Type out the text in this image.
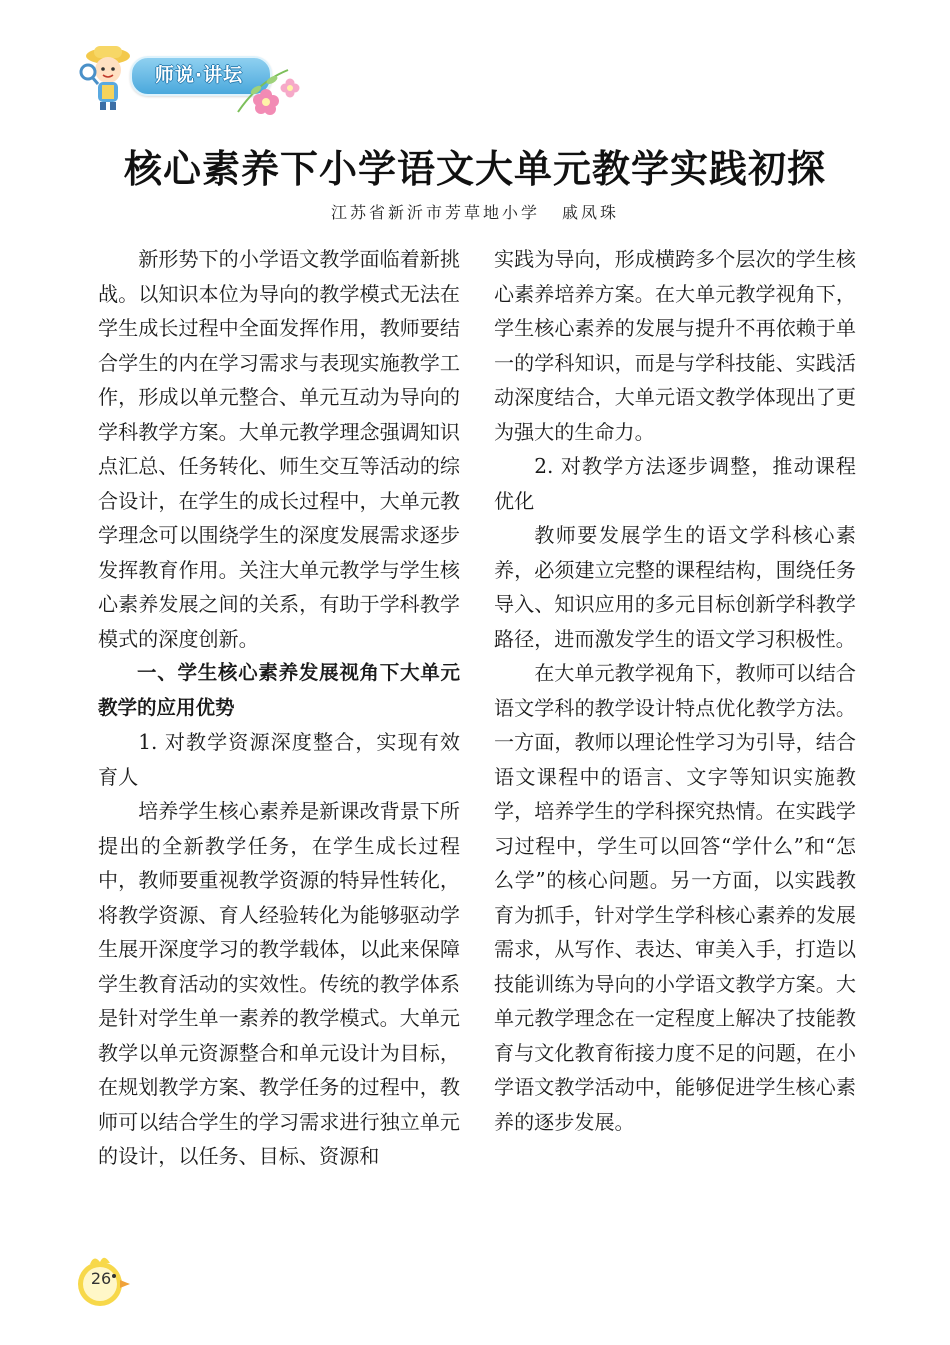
师说·讲坛
核心素养下小学语文大单元教学实践初探
江苏省新沂市芳草地小学 戚凤珠

新形势下的小学语文教学面临着新挑战。以知识本位为导向的教学模式无法在学生成长过程中全面发挥作用，教师要结合学生的内在学习需求与表现实施教学工作，形成以单元整合、单元互动为导向的学科教学方案。大单元教学理念强调知识点汇总、任务转化、师生交互等活动的综合设计，在学生的成长过程中，大单元教学理念可以围绕学生的深度发展需求逐步发挥教育作用。关注大单元教学与学生核心素养发展之间的关系，有助于学科教学模式的深度创新。

一、学生核心素养发展视角下大单元教学的应用优势

1. 对教学资源深度整合，实现有效育人

培养学生核心素养是新课改背景下所提出的全新教学任务，在学生成长过程中，教师要重视教学资源的特异性转化，将教学资源、育人经验转化为能够驱动学生展开深度学习的教学载体，以此来保障学生教育活动的实效性。传统的教学体系是针对学生单一素养的教学模式。大单元教学以单元资源整合和单元设计为目标，在规划教学方案、教学任务的过程中，教师可以结合学生的学习需求进行独立单元的设计，以任务、目标、资源和

实践为导向，形成横跨多个层次的学生核心素养培养方案。在大单元教学视角下，学生核心素养的发展与提升不再依赖于单一的学科知识，而是与学科技能、实践活动深度结合，大单元语文教学体现出了更为强大的生命力。

2. 对教学方法逐步调整，推动课程优化

教师要发展学生的语文学科核心素养，必须建立完整的课程结构，围绕任务导入、知识应用的多元目标创新学科教学路径，进而激发学生的语文学习积极性。

在大单元教学视角下，教师可以结合语文学科的教学设计特点优化教学方法。一方面，教师以理论性学习为引导，结合语文课程中的语言、文字等知识实施教学，培养学生的学科探究热情。在实践学习过程中，学生可以回答“学什么”和“怎么学”的核心问题。另一方面，以实践教育为抓手，针对学生学科核心素养的发展需求，从写作、表达、审美入手，打造以技能训练为导向的小学语文教学方案。大单元教学理念在一定程度上解决了技能教育与文化教育衔接力度不足的问题，在小学语文教学活动中，能够促进学生核心素养的逐步发展。

26
